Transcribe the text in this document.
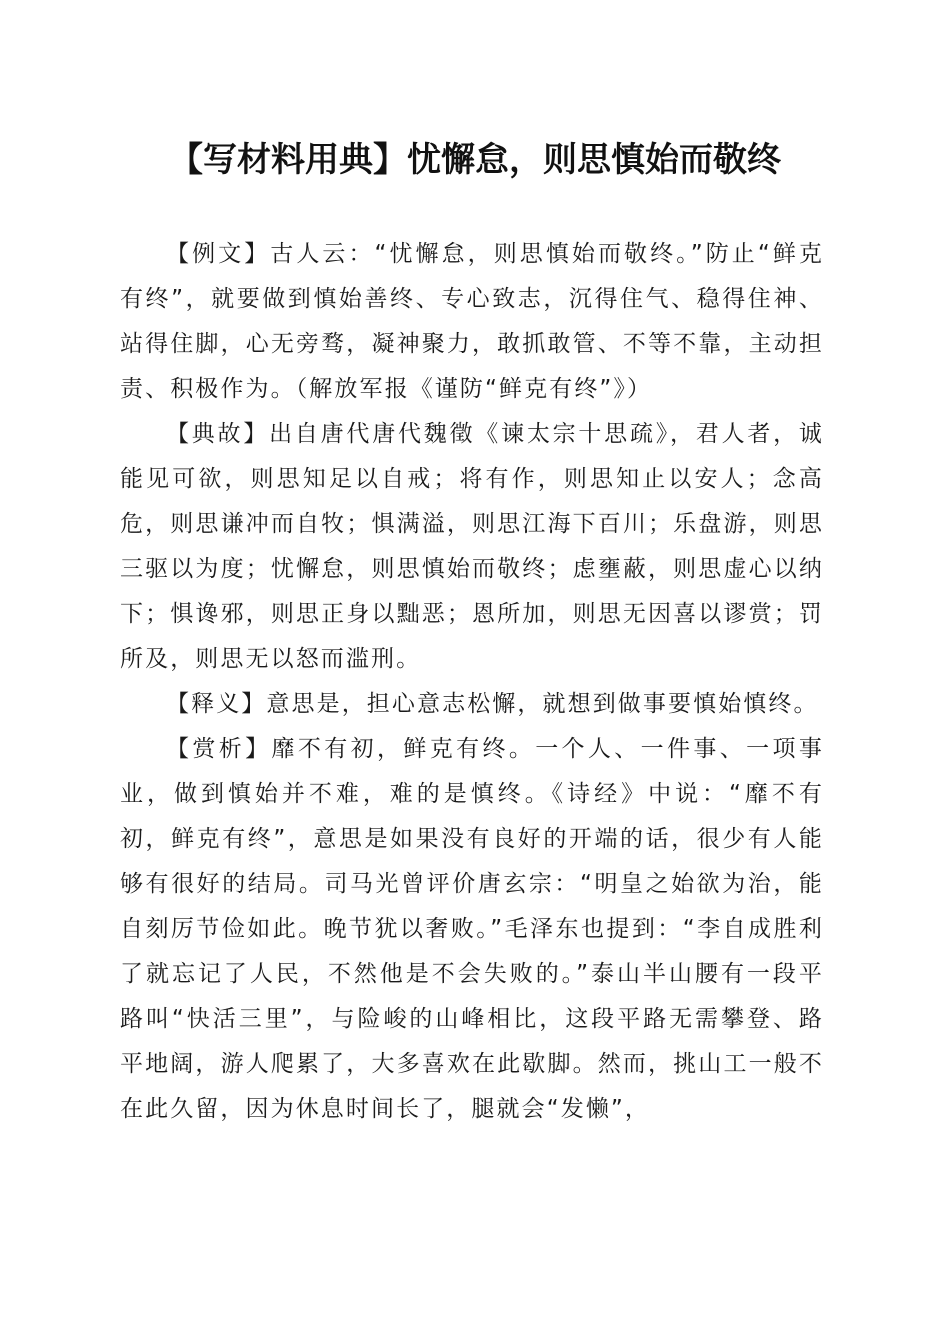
【写材料用典】忧懈怠，则思慎始而敬终

【例文】古人云：“忧懈怠，则思慎始而敬终。”防止“鲜克有终”，就要做到慎始善终、专心致志，沉得住气、稳得住神、站得住脚，心无旁骛，凝神聚力，敢抓敢管、不等不靠，主动担责、积极作为。（解放军报《谨防“鲜克有终”》）

【典故】出自唐代唐代魏徵《谏太宗十思疏》，君人者，诚能见可欲，则思知足以自戒；将有作，则思知止以安人；念高危，则思谦冲而自牧；惧满溢，则思江海下百川；乐盘游，则思三驱以为度；忧懈怠，则思慎始而敬终；虑壅蔽，则思虚心以纳下；惧谗邪，则思正身以黜恶；恩所加，则思无因喜以谬赏；罚所及，则思无以怒而滥刑。

【释义】意思是，担心意志松懈，就想到做事要慎始慎终。

【赏析】靡不有初，鲜克有终。一个人、一件事、一项事业，做到慎始并不难，难的是慎终。《诗经》中说：“靡不有初，鲜克有终”，意思是如果没有良好的开端的话，很少有人能够有很好的结局。司马光曾评价唐玄宗：“明皇之始欲为治，能自刻厉节俭如此。晚节犹以奢败。”毛泽东也提到：“李自成胜利了就忘记了人民，不然他是不会失败的。”泰山半山腰有一段平路叫“快活三里”，与险峻的山峰相比，这段平路无需攀登、路平地阔，游人爬累了，大多喜欢在此歇脚。然而，挑山工一般不在此久留，因为休息时间长了，腿就会“发懒”，
